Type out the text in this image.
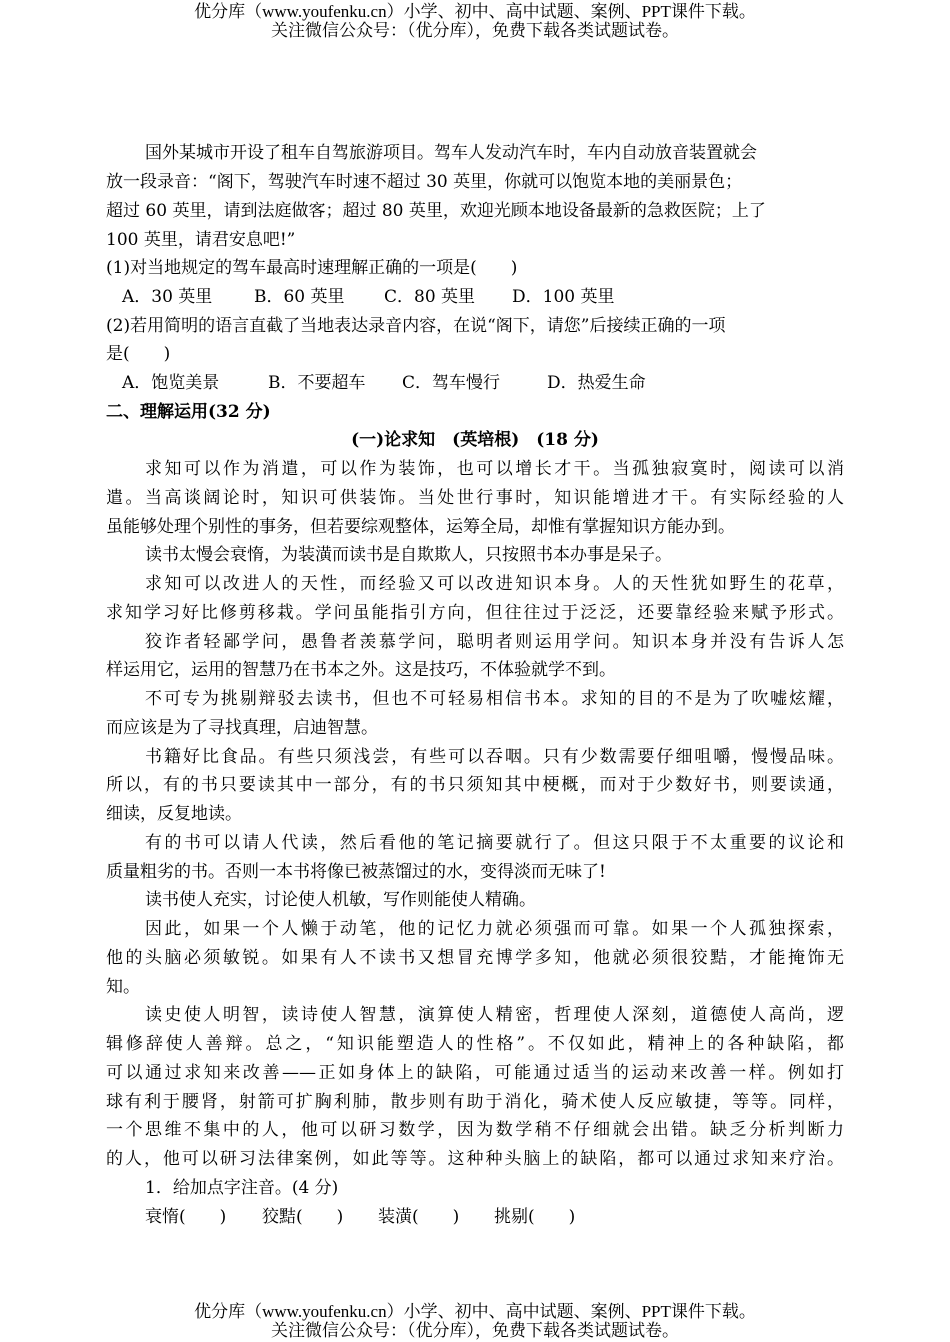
优分库（www.youfenku.cn）小学、初中、高中试题、案例、PPT课件下载。
关注微信公众号：（优分库），免费下载各类试题试卷。
国外某城市开设了租车自驾旅游项目。驾车人发动汽车时，车内自动放音装置就会
放一段录音：“阁下，驾驶汽车时速不超过 30 英里，你就可以饱览本地的美丽景色；
超过 60 英里，请到法庭做客；超过 80 英里，欢迎光顾本地设备最新的急救医院；上了
100 英里，请君安息吧!”
(1)对当地规定的驾车最高时速理解正确的一项是(　　)
A．30 英里 B．60 英里 C．80 英里 D．100 英里
(2)若用简明的语言直截了当地表达录音内容，在说“阁下，请您”后接续正确的一项
是(　　)
A．饱览美景	B．不要超车 C．驾车慢行	D．热爱生命
二、理解运用(32 分)
(一)论求知　(英培根)　(18 分)
求知可以作为消遣，可以作为装饰，也可以增长才干。当孤独寂寞时，阅读可以消
遣。当高谈阔论时，知识可供装饰。当处世行事时，知识能增进才干。有实际经验的人
虽能够处理个别性的事务，但若要综观整体，运筹全局，却惟有掌握知识方能办到。
读书太慢会衰惰，为装潢而读书是自欺欺人，只按照书本办事是呆子。
求知可以改进人的天性，而经验又可以改进知识本身。人的天性犹如野生的花草，
求知学习好比修剪移栽。学问虽能指引方向，但往往过于泛泛，还要靠经验来赋予形式。
狡诈者轻鄙学问，愚鲁者羡慕学问，聪明者则运用学问。知识本身并没有告诉人怎
样运用它，运用的智慧乃在书本之外。这是技巧，不体验就学不到。
不可专为挑剔辩驳去读书，但也不可轻易相信书本。求知的目的不是为了吹嘘炫耀，
而应该是为了寻找真理，启迪智慧。
书籍好比食品。有些只须浅尝，有些可以吞咽。只有少数需要仔细咀嚼，慢慢品味。
所以，有的书只要读其中一部分，有的书只须知其中梗概，而对于少数好书，则要读通，
细读，反复地读。
有的书可以请人代读，然后看他的笔记摘要就行了。但这只限于不太重要的议论和
质量粗劣的书。否则一本书将像已被蒸馏过的水，变得淡而无味了!
读书使人充实，讨论使人机敏，写作则能使人精确。
因此，如果一个人懒于动笔，他的记忆力就必须强而可靠。如果一个人孤独探索，
他的头脑必须敏锐。如果有人不读书又想冒充博学多知，他就必须很狡黠，才能掩饰无
知。
读史使人明智，读诗使人智慧，演算使人精密，哲理使人深刻，道德使人高尚，逻
辑修辞使人善辩。总之，“知识能塑造人的性格”。不仅如此，精神上的各种缺陷，都
可以通过求知来改善——正如身体上的缺陷，可能通过适当的运动来改善一样。例如打
球有利于腰肾，射箭可扩胸利肺，散步则有助于消化，骑术使人反应敏捷，等等。同样，
一个思维不集中的人，他可以研习数学，因为数学稍不仔细就会出错。缺乏分析判断力
的人，他可以研习法律案例，如此等等。这种种头脑上的缺陷，都可以通过求知来疗治。
1．给加点字注音。(4 分)
衰惰(　　) 狡黠(　　) 装潢(　　) 挑剔(　　)
优分库（www.youfenku.cn）小学、初中、高中试题、案例、PPT课件下载。
关注微信公众号：（优分库），免费下载各类试题试卷。
